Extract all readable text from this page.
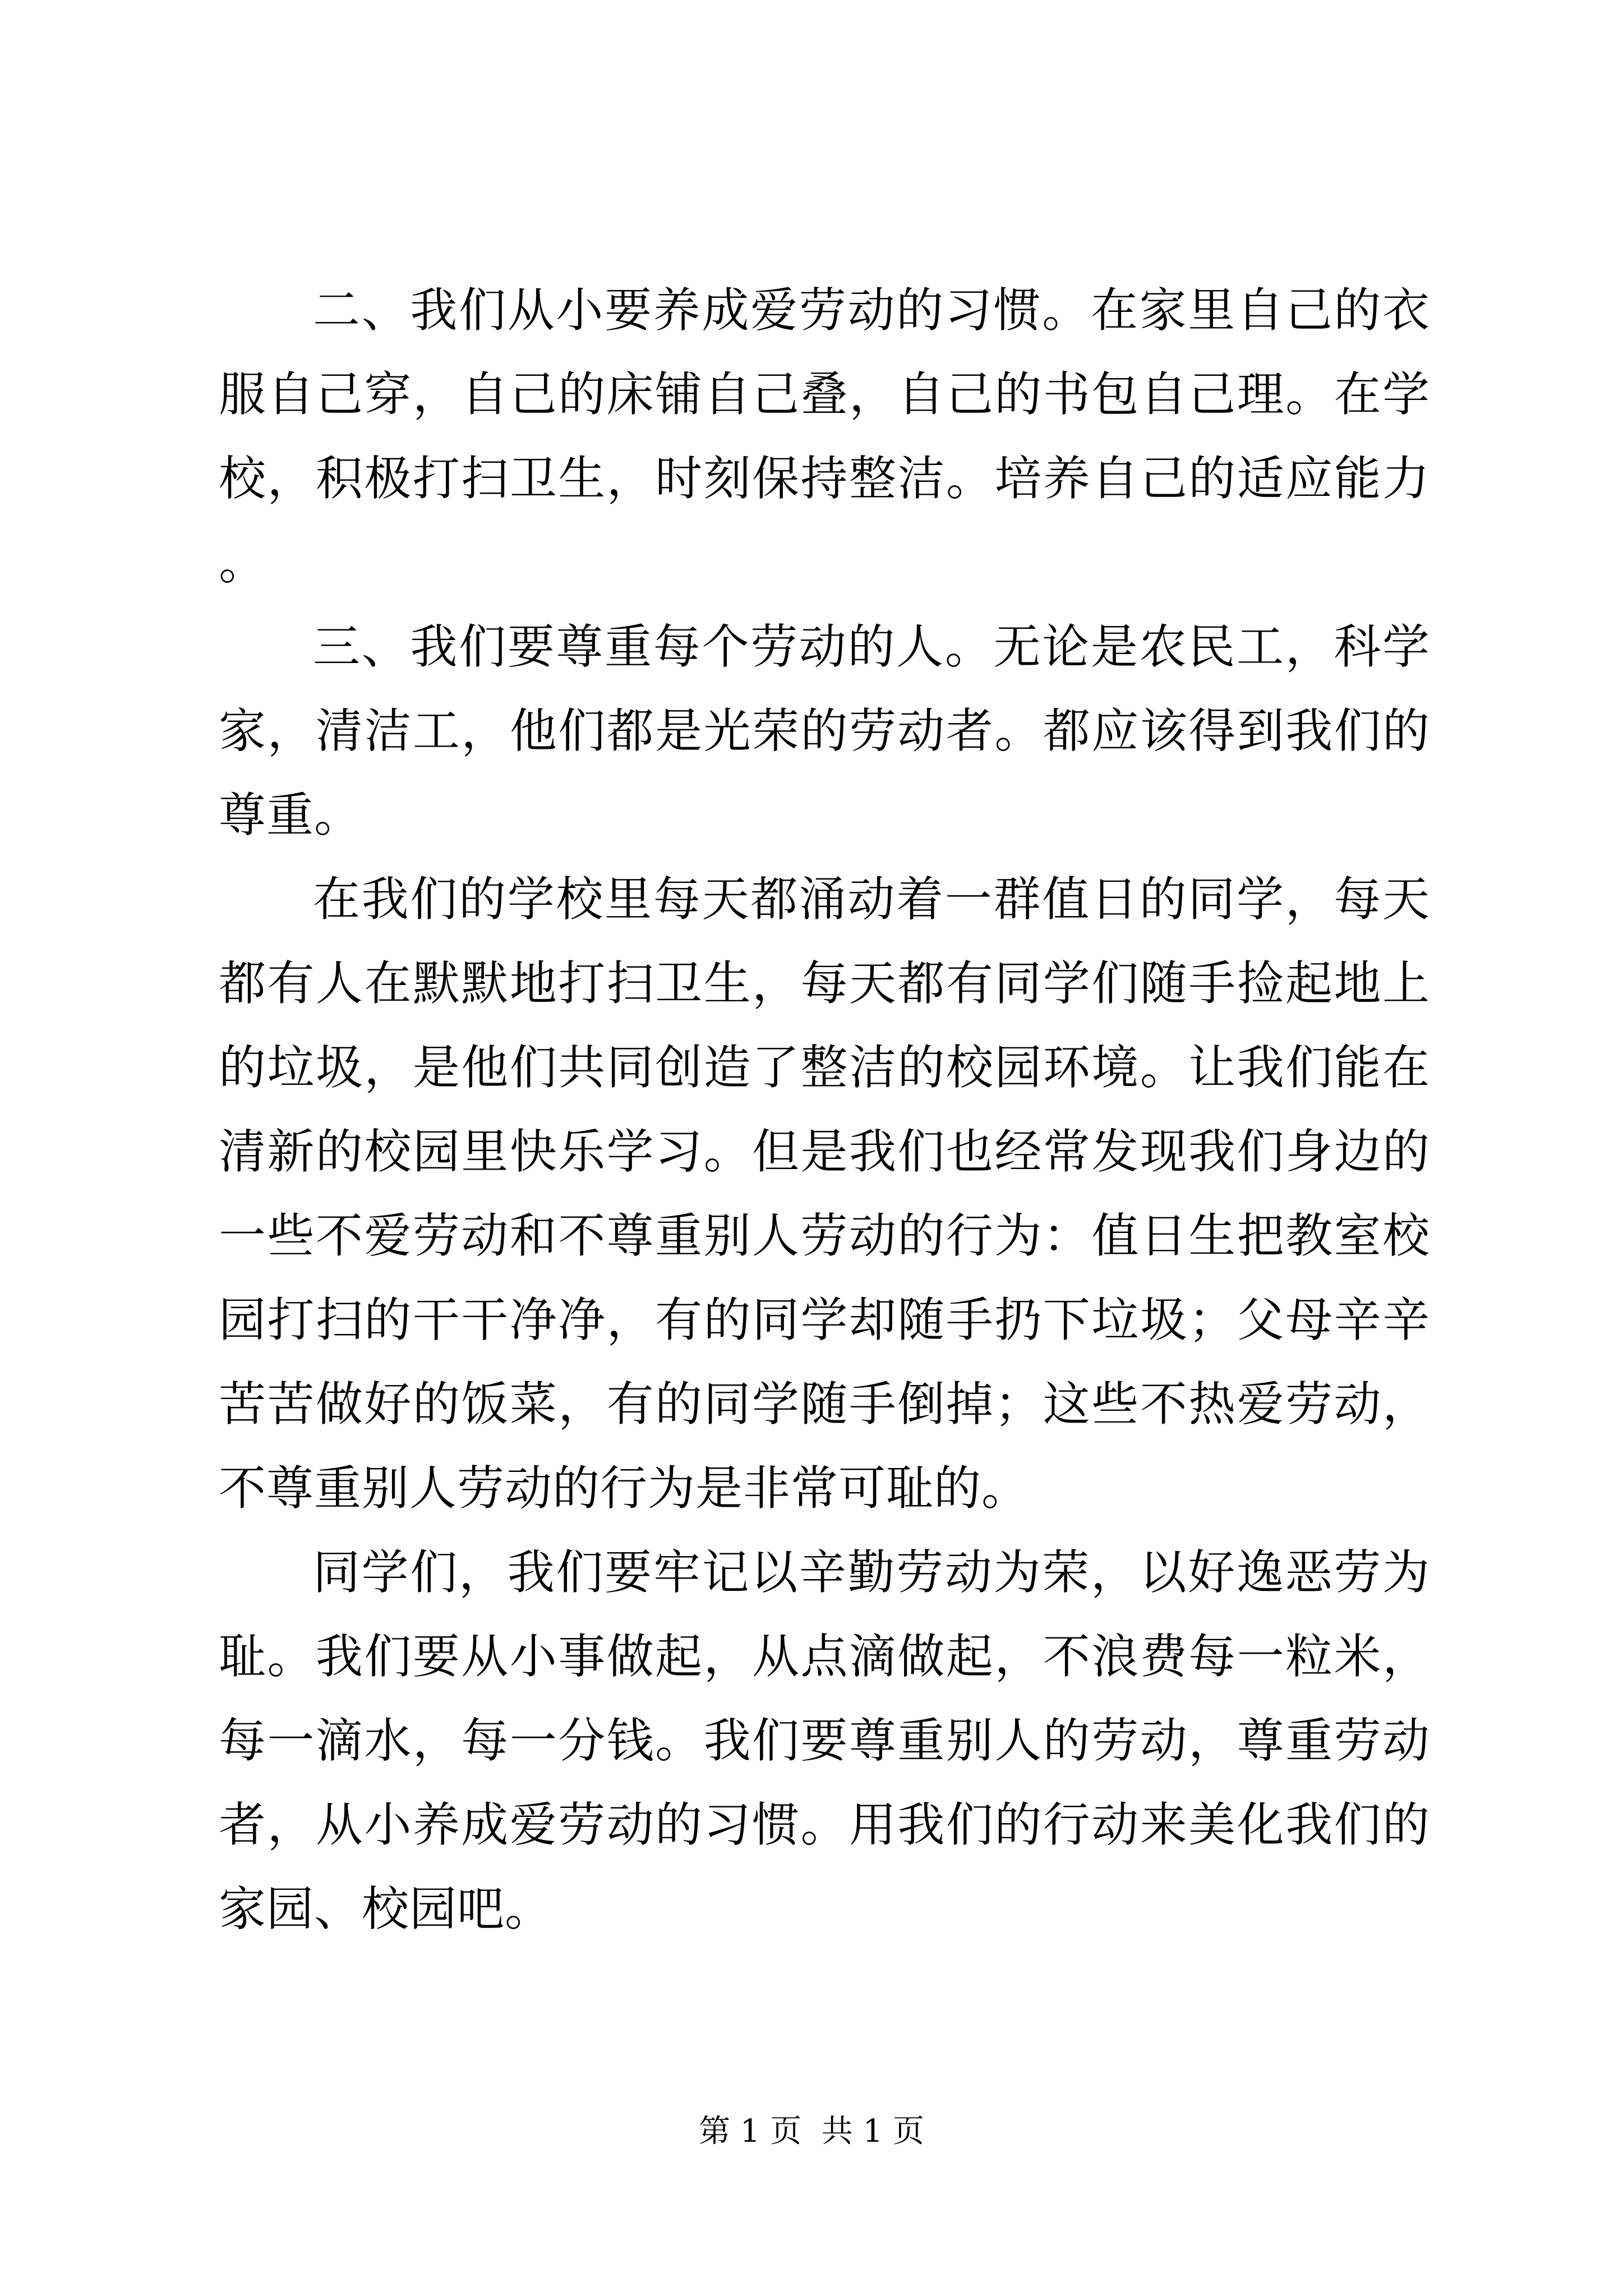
二、我们从小要养成爱劳动的习惯。在家里自己的衣服自己穿，自己的床铺自己叠，自己的书包自己理。在学校，积极打扫卫生，时刻保持整洁。培养自己的适应能力。

三、我们要尊重每个劳动的人。无论是农民工，科学家，清洁工，他们都是光荣的劳动者。都应该得到我们的尊重。

在我们的学校里每天都涌动着一群值日的同学，每天都有人在默默地打扫卫生，每天都有同学们随手捡起地上的垃圾，是他们共同创造了整洁的校园环境。让我们能在清新的校园里快乐学习。但是我们也经常发现我们身边的一些不爱劳动和不尊重别人劳动的行为：值日生把教室校园打扫的干干净净，有的同学却随手扔下垃圾；父母辛辛苦苦做好的饭菜，有的同学随手倒掉；这些不热爱劳动，不尊重别人劳动的行为是非常可耻的。

同学们，我们要牢记以辛勤劳动为荣，以好逸恶劳为耻。我们要从小事做起，从点滴做起，不浪费每一粒米，每一滴水，每一分钱。我们要尊重别人的劳动，尊重劳动者，从小养成爱劳动的习惯。用我们的行动来美化我们的家园、校园吧。

第 1 页  共 1 页
